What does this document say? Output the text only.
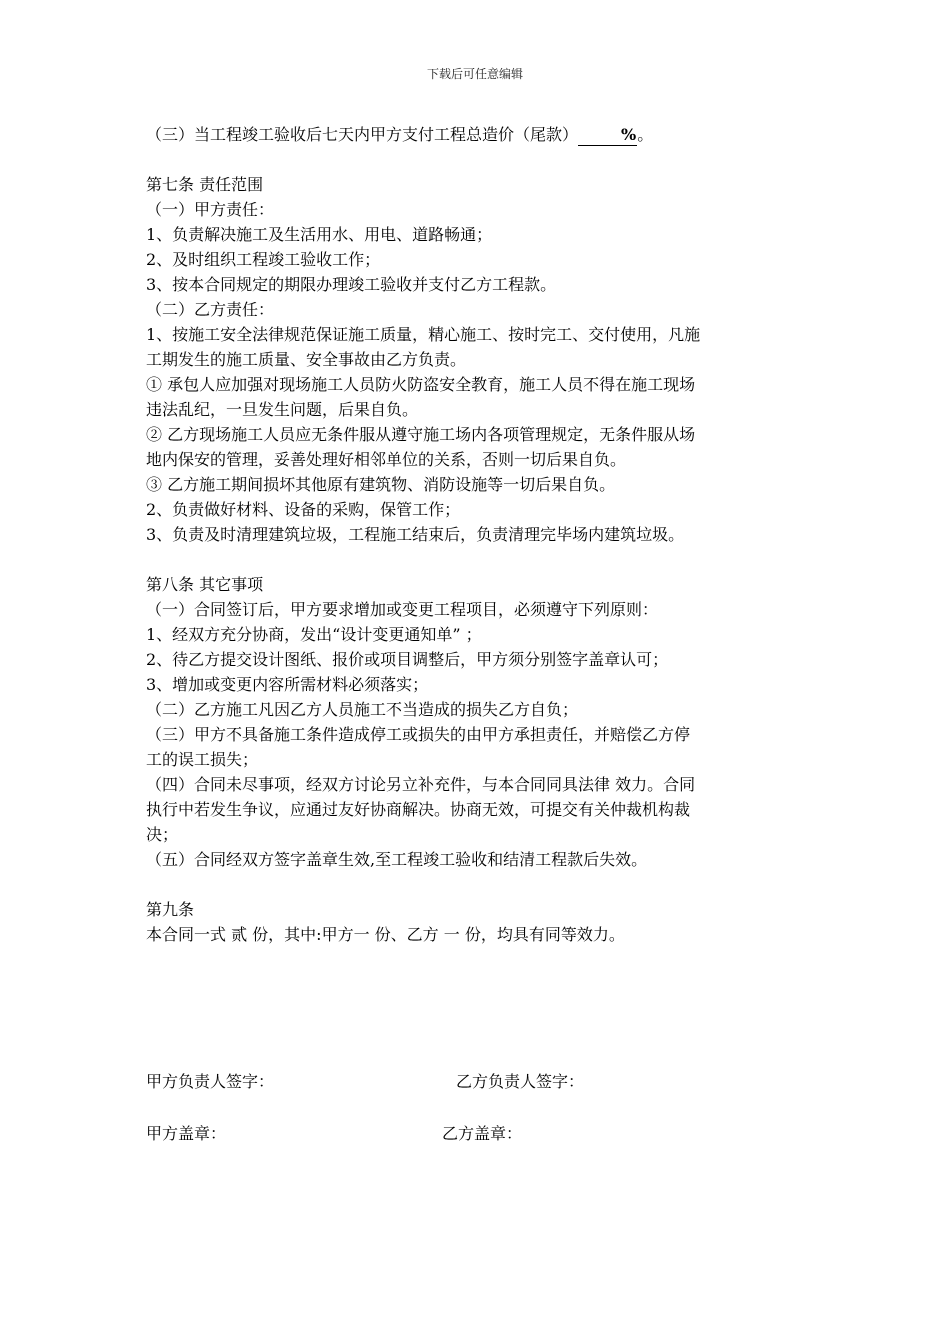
下载后可任意编辑
（三）当工程竣工验收后七天内甲方支付工程总造价（尾款）	%。
第七条 责任范围
（一）甲方责任：
1、负责解决施工及生活用水、用电、道路畅通；
2、及时组织工程竣工验收工作；
3、按本合同规定的期限办理竣工验收并支付乙方工程款。
（二）乙方责任：
1、按施工安全法律规范保证施工质量，精心施工、按时完工、交付使用，凡施
工期发生的施工质量、安全事故由乙方负责。
① 承包人应加强对现场施工人员防火防盗安全教育，施工人员不得在施工现场
违法乱纪，一旦发生问题，后果自负。
② 乙方现场施工人员应无条件服从遵守施工场内各项管理规定，无条件服从场
地内保安的管理，妥善处理好相邻单位的关系，否则一切后果自负。
③ 乙方施工期间损坏其他原有建筑物、消防设施等一切后果自负。
2、负责做好材料、设备的采购，保管工作；
3、负责及时清理建筑垃圾，工程施工结束后，负责清理完毕场内建筑垃圾。
第八条 其它事项
（一）合同签订后，甲方要求增加或变更工程项目，必须遵守下列原则：
1、经双方充分协商，发出“设计变更通知单” ；
2、待乙方提交设计图纸、报价或项目调整后，甲方须分别签字盖章认可；
3、增加或变更内容所需材料必须落实；
（二）乙方施工凡因乙方人员施工不当造成的损失乙方自负；
（三）甲方不具备施工条件造成停工或损失的由甲方承担责任，并赔偿乙方停
工的误工损失；
（四）合同未尽事项，经双方讨论另立补充件，与本合同同具法律 效力。合同
执行中若发生争议，应通过友好协商解决。协商无效，可提交有关仲裁机构裁
决；
（五）合同经双方签字盖章生效,至工程竣工验收和结清工程款后失效。
第九条
本合同一式 贰 份，其中:甲方一 份、乙方 一 份，均具有同等效力。
甲方负责人签字：	乙方负责人签字：
甲方盖章：	乙方盖章：
